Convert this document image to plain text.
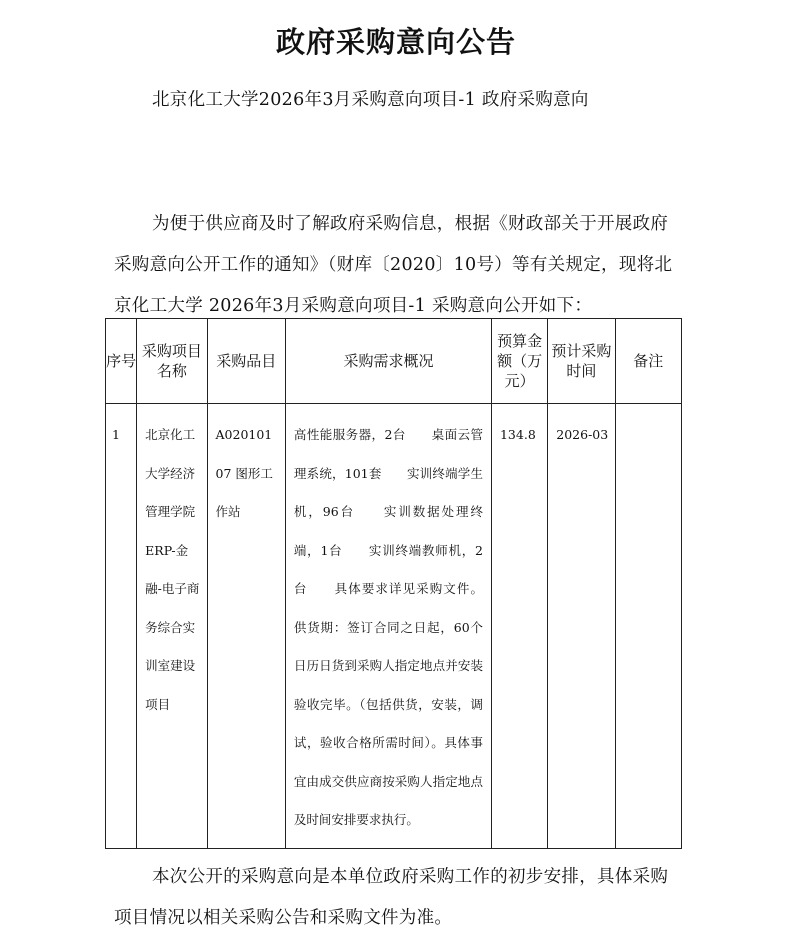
政府采购意向公告
北京化工大学2026年3月采购意向项目-1 政府采购意向
为便于供应商及时了解政府采购信息，根据《财政部关于开展政府采购意向公开工作的通知》（财库〔2020〕10号）等有关规定，现将北京化工大学 2026年3月采购意向项目-1 采购意向公开如下：
序号	采购项目名称	采购品目	采购需求概况	预算金额（万元）	预计采购时间	备注

1	北京化工大学经济管理学院ERP-金融-电子商务综合实训室建设项目	A02010107 图形工作站	高性能服务器，2台　　桌面云管理系统，101套　　实训终端学生机，96台　　实训数据处理终端，1台　　实训终端教师机，2台　　具体要求详见采购文件。 供货期：签订合同之日起，60个日历日货到采购人指定地点并安装验收完毕。（包括供货，安装，调试，验收合格所需时间）。具体事宜由成交供应商按采购人指定地点及时间安排要求执行。	134.8	2026-03	

本次公开的采购意向是本单位政府采购工作的初步安排，具体采购项目情况以相关采购公告和采购文件为准。
